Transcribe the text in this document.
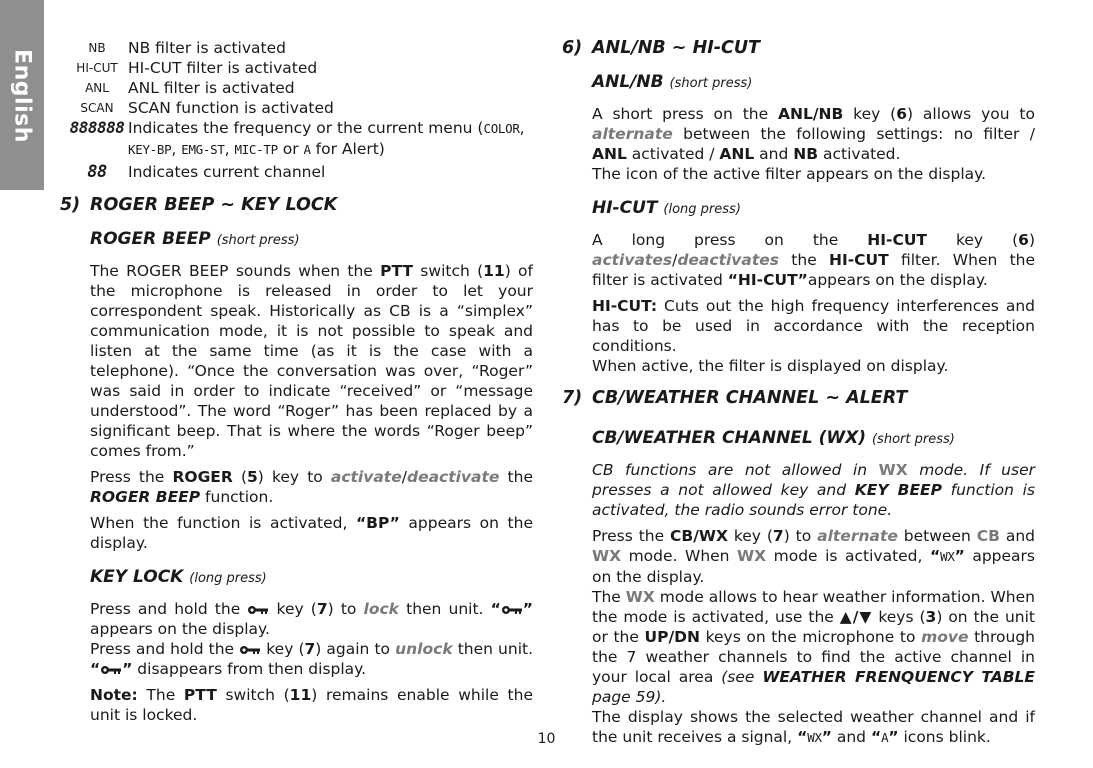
English
NB	NB filter is activated
HI-CUT HI-CUT filter is activated
ANL	ANL filter is activated
SCAN SCAN function is activated
888888 Indicates the frequency or the current menu (COLOR, KEY-BP, EMG-ST, MIC-TP or A for Alert)
88	Indicates current channel
5) ROGER BEEP ~ KEY LOCK
ROGER BEEP (short press)

The ROGER BEEP sounds when the PTT switch (11) of the microphone is released in order to let your correspondent speak. Historically as CB is a “simplex” communication mode, it is not possible to speak and listen at the same time (as it is the case with a telephone). “Once the conversation was over, “Roger” was said in order to indicate “received” or “message understood”. The word “Roger” has been replaced by a significant beep. That is where the words “Roger beep” comes from.”

Press the ROGER (5) key to activate/deactivate the ROGER BEEP function.

When the function is activated, “BP” appears on the display.

KEY LOCK (long press)

Press and hold the  key (7) to lock then unit. “ ” appears on the display.
Press and hold the  key (7) again to unlock then unit. “ ” disappears from then display.

Note: The PTT switch (11) remains enable while the unit is locked.

6) ANL/NB ~ HI-CUT
ANL/NB (short press)

A short press on the ANL/NB key (6) allows you to alternate between the following settings: no filter / ANL activated / ANL and NB activated.
The icon of the active filter appears on the display.

HI-CUT (long press)

A long press on the HI-CUT key (6) activates/deactivates the HI-CUT filter. When the filter is activated “HI-CUT”appears on the display.

HI-CUT: Cuts out the high frequency interferences and has to be used in accordance with the reception conditions.
When active, the filter is displayed on display.

7) CB/WEATHER CHANNEL ~ ALERT
CB/WEATHER CHANNEL (WX) (short press)

CB functions are not allowed in WX mode. If user presses a not allowed key and KEY BEEP function is activated, the radio sounds error tone.

Press the CB/WX key (7) to alternate between CB and WX mode. When WX mode is activated, “WX” appears on the display.
The WX mode allows to hear weather information. When the mode is activated, use the ▲/▼ keys (3) on the unit or the UP/DN keys on the microphone to move through the 7 weather channels to find the active channel in your local area (see WEATHER FRENQUENCY TABLE page 59).
The display shows the selected weather channel and if the unit receives a signal, “WX” and “A” icons blink.

10
